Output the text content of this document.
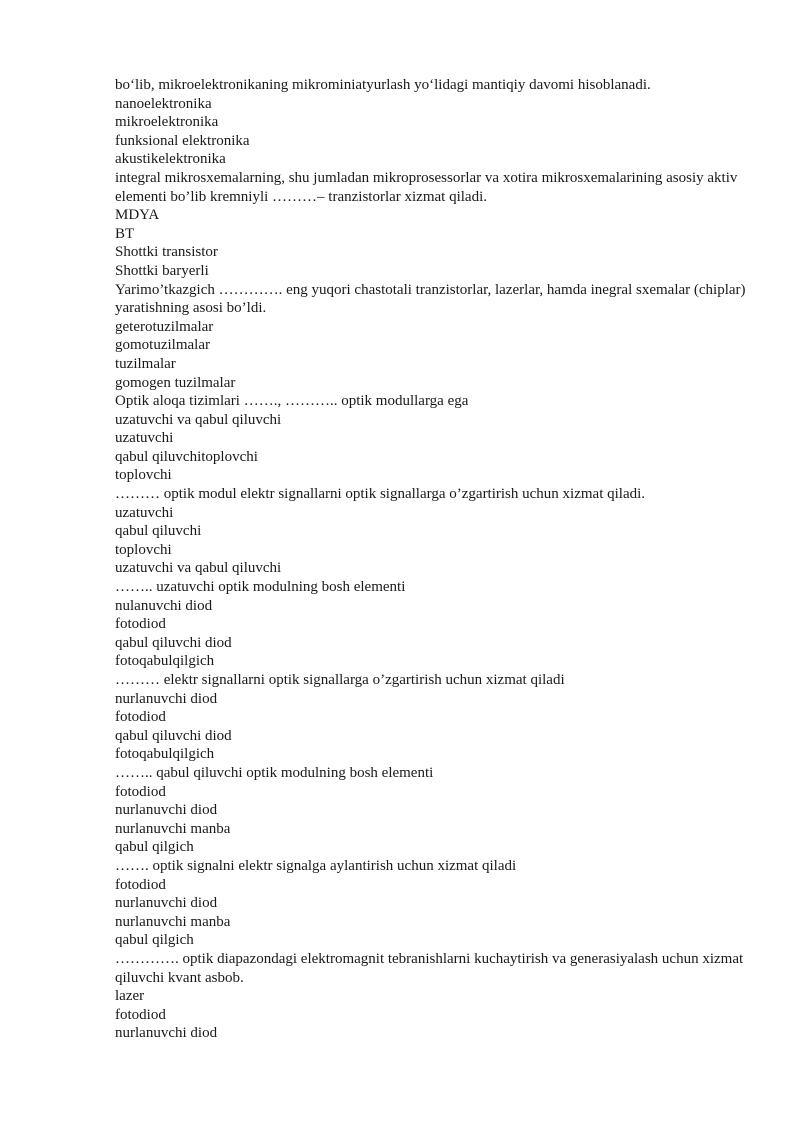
bo‘lib, mikroelektronikaning mikrominiatyurlash yo‘lidagi mantiqiy davomi hisoblanadi.
nanoelektronika
mikroelektronika
funksional elektronika
akustikelektronika
integral mikrosxemalarning, shu jumladan mikroprosessorlar va xotira mikrosxemalarining asosiy aktiv elementi bo’lib kremniyli ………– tranzistorlar xizmat qiladi.
MDYA
BT
Shottki transistor
Shottki baryerli
Yarimo’tkazgich …………. eng yuqori chastotali tranzistorlar, lazerlar, hamda inegral sxemalar (chiplar) yaratishning asosi bo’ldi.
geterotuzilmalar
gomotuzilmalar
tuzilmalar
gomogen tuzilmalar
Optik aloqa tizimlari ……., ……….. optik modullarga ega
uzatuvchi va qabul qiluvchi
uzatuvchi
qabul qiluvchitoplovchi
toplovchi
……… optik modul elektr signallarni optik signallarga o’zgartirish uchun xizmat qiladi.
uzatuvchi
qabul qiluvchi
toplovchi
uzatuvchi va qabul qiluvchi
…….. uzatuvchi optik modulning bosh elementi
nulanuvchi diod
fotodiod
qabul qiluvchi diod
fotoqabulqilgich
……… elektr signallarni optik signallarga o’zgartirish uchun xizmat qiladi
nurlanuvchi diod
fotodiod
qabul qiluvchi diod
fotoqabulqilgich
…….. qabul qiluvchi optik modulning bosh elementi
fotodiod
nurlanuvchi diod
nurlanuvchi manba
qabul qilgich
……. optik signalni elektr signalga aylantirish uchun xizmat qiladi
fotodiod
nurlanuvchi diod
nurlanuvchi manba
qabul qilgich
…………. optik diapazondagi elektromagnit tebranishlarni kuchaytirish va generasiyalash uchun xizmat qiluvchi kvant asbob.
lazer
fotodiod
nurlanuvchi diod
